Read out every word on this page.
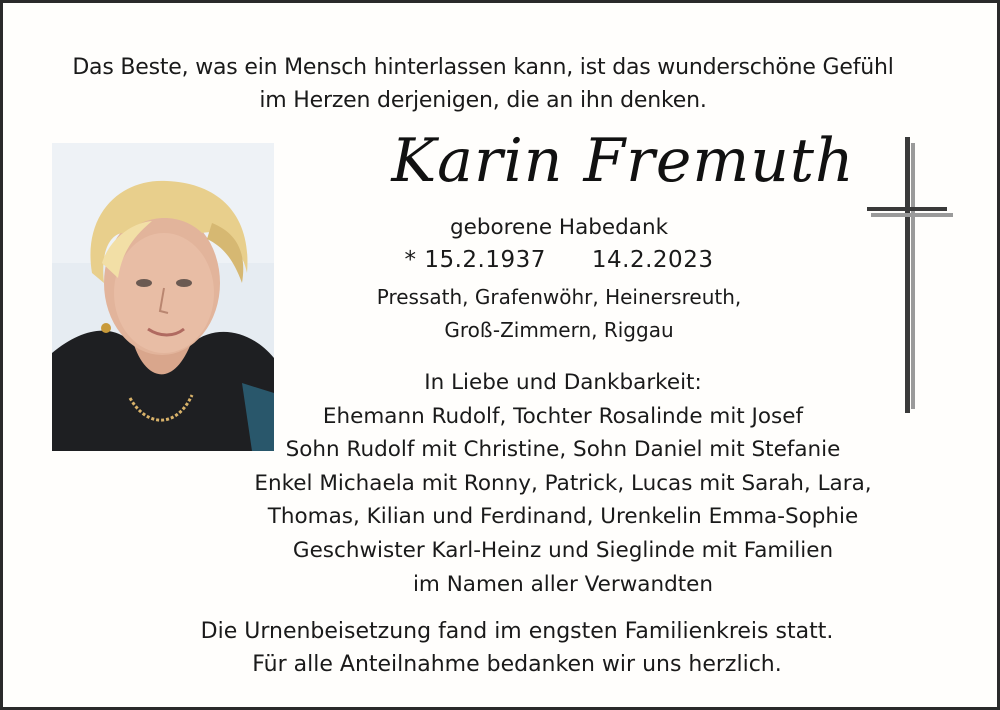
Das Beste, was ein Mensch hinterlassen kann, ist das wunderschöne Gefühl
im Herzen derjenigen, die an ihn denken.
Karin Fremuth
geborene Habedank
* 15.2.1937 14.2.2023
Pressath, Grafenwöhr, Heinersreuth,
Groß-Zimmern, Riggau
In Liebe und Dankbarkeit:
Ehemann Rudolf, Tochter Rosalinde mit Josef
Sohn Rudolf mit Christine, Sohn Daniel mit Stefanie
Enkel Michaela mit Ronny, Patrick, Lucas mit Sarah, Lara,
Thomas, Kilian und Ferdinand, Urenkelin Emma-Sophie
Geschwister Karl-Heinz und Sieglinde mit Familien
im Namen aller Verwandten
Die Urnenbeisetzung fand im engsten Familienkreis statt.
Für alle Anteilnahme bedanken wir uns herzlich.
